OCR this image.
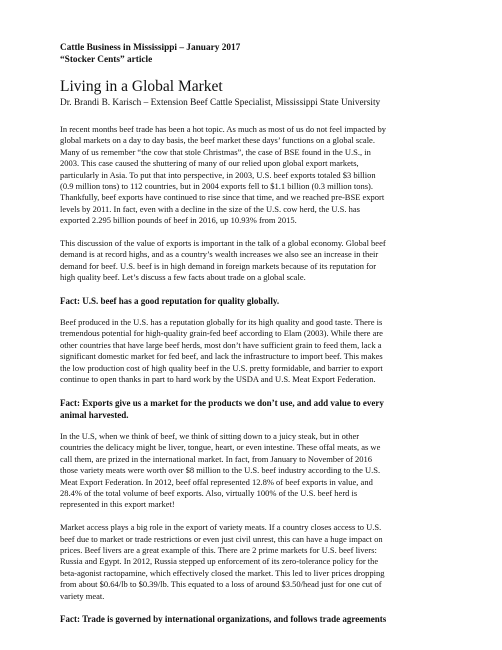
Cattle Business in Mississippi – January 2017
“Stocker Cents” article
Living in a Global Market
Dr. Brandi B. Karisch – Extension Beef Cattle Specialist, Mississippi State University
In recent months beef trade has been a hot topic. As much as most of us do not feel impacted by
global markets on a day to day basis, the beef market these days’ functions on a global scale.
Many of us remember “the cow that stole Christmas”, the case of BSE found in the U.S., in
2003. This case caused the shuttering of many of our relied upon global export markets,
particularly in Asia. To put that into perspective, in 2003, U.S. beef exports totaled $3 billion
(0.9 million tons) to 112 countries, but in 2004 exports fell to $1.1 billion (0.3 million tons).
Thankfully, beef exports have continued to rise since that time, and we reached pre-BSE export
levels by 2011. In fact, even with a decline in the size of the U.S. cow herd, the U.S. has
exported 2.295 billion pounds of beef in 2016, up 10.93% from 2015.
This discussion of the value of exports is important in the talk of a global economy. Global beef
demand is at record highs, and as a country’s wealth increases we also see an increase in their
demand for beef. U.S. beef is in high demand in foreign markets because of its reputation for
high quality beef. Let’s discuss a few facts about trade on a global scale.
Fact: U.S. beef has a good reputation for quality globally.
Beef produced in the U.S. has a reputation globally for its high quality and good taste. There is
tremendous potential for high-quality grain-fed beef according to Elam (2003). While there are
other countries that have large beef herds, most don’t have sufficient grain to feed them, lack a
significant domestic market for fed beef, and lack the infrastructure to import beef. This makes
the low production cost of high quality beef in the U.S. pretty formidable, and barrier to export
continue to open thanks in part to hard work by the USDA and U.S. Meat Export Federation.
Fact: Exports give us a market for the products we don’t use, and add value to every
animal harvested.
In the U.S, when we think of beef, we think of sitting down to a juicy steak, but in other
countries the delicacy might be liver, tongue, heart, or even intestine. These offal meats, as we
call them, are prized in the international market. In fact, from January to November of 2016
those variety meats were worth over $8 million to the U.S. beef industry according to the U.S.
Meat Export Federation. In 2012, beef offal represented 12.8% of beef exports in value, and
28.4% of the total volume of beef exports. Also, virtually 100% of the U.S. beef herd is
represented in this export market!
Market access plays a big role in the export of variety meats. If a country closes access to U.S.
beef due to market or trade restrictions or even just civil unrest, this can have a huge impact on
prices. Beef livers are a great example of this. There are 2 prime markets for U.S. beef livers:
Russia and Egypt. In 2012, Russia stepped up enforcement of its zero-tolerance policy for the
beta-agonist ractopamine, which effectively closed the market. This led to liver prices dropping
from about $0.64/lb to $0.39/lb. This equated to a loss of around $3.50/head just for one cut of
variety meat.
Fact: Trade is governed by international organizations, and follows trade agreements
